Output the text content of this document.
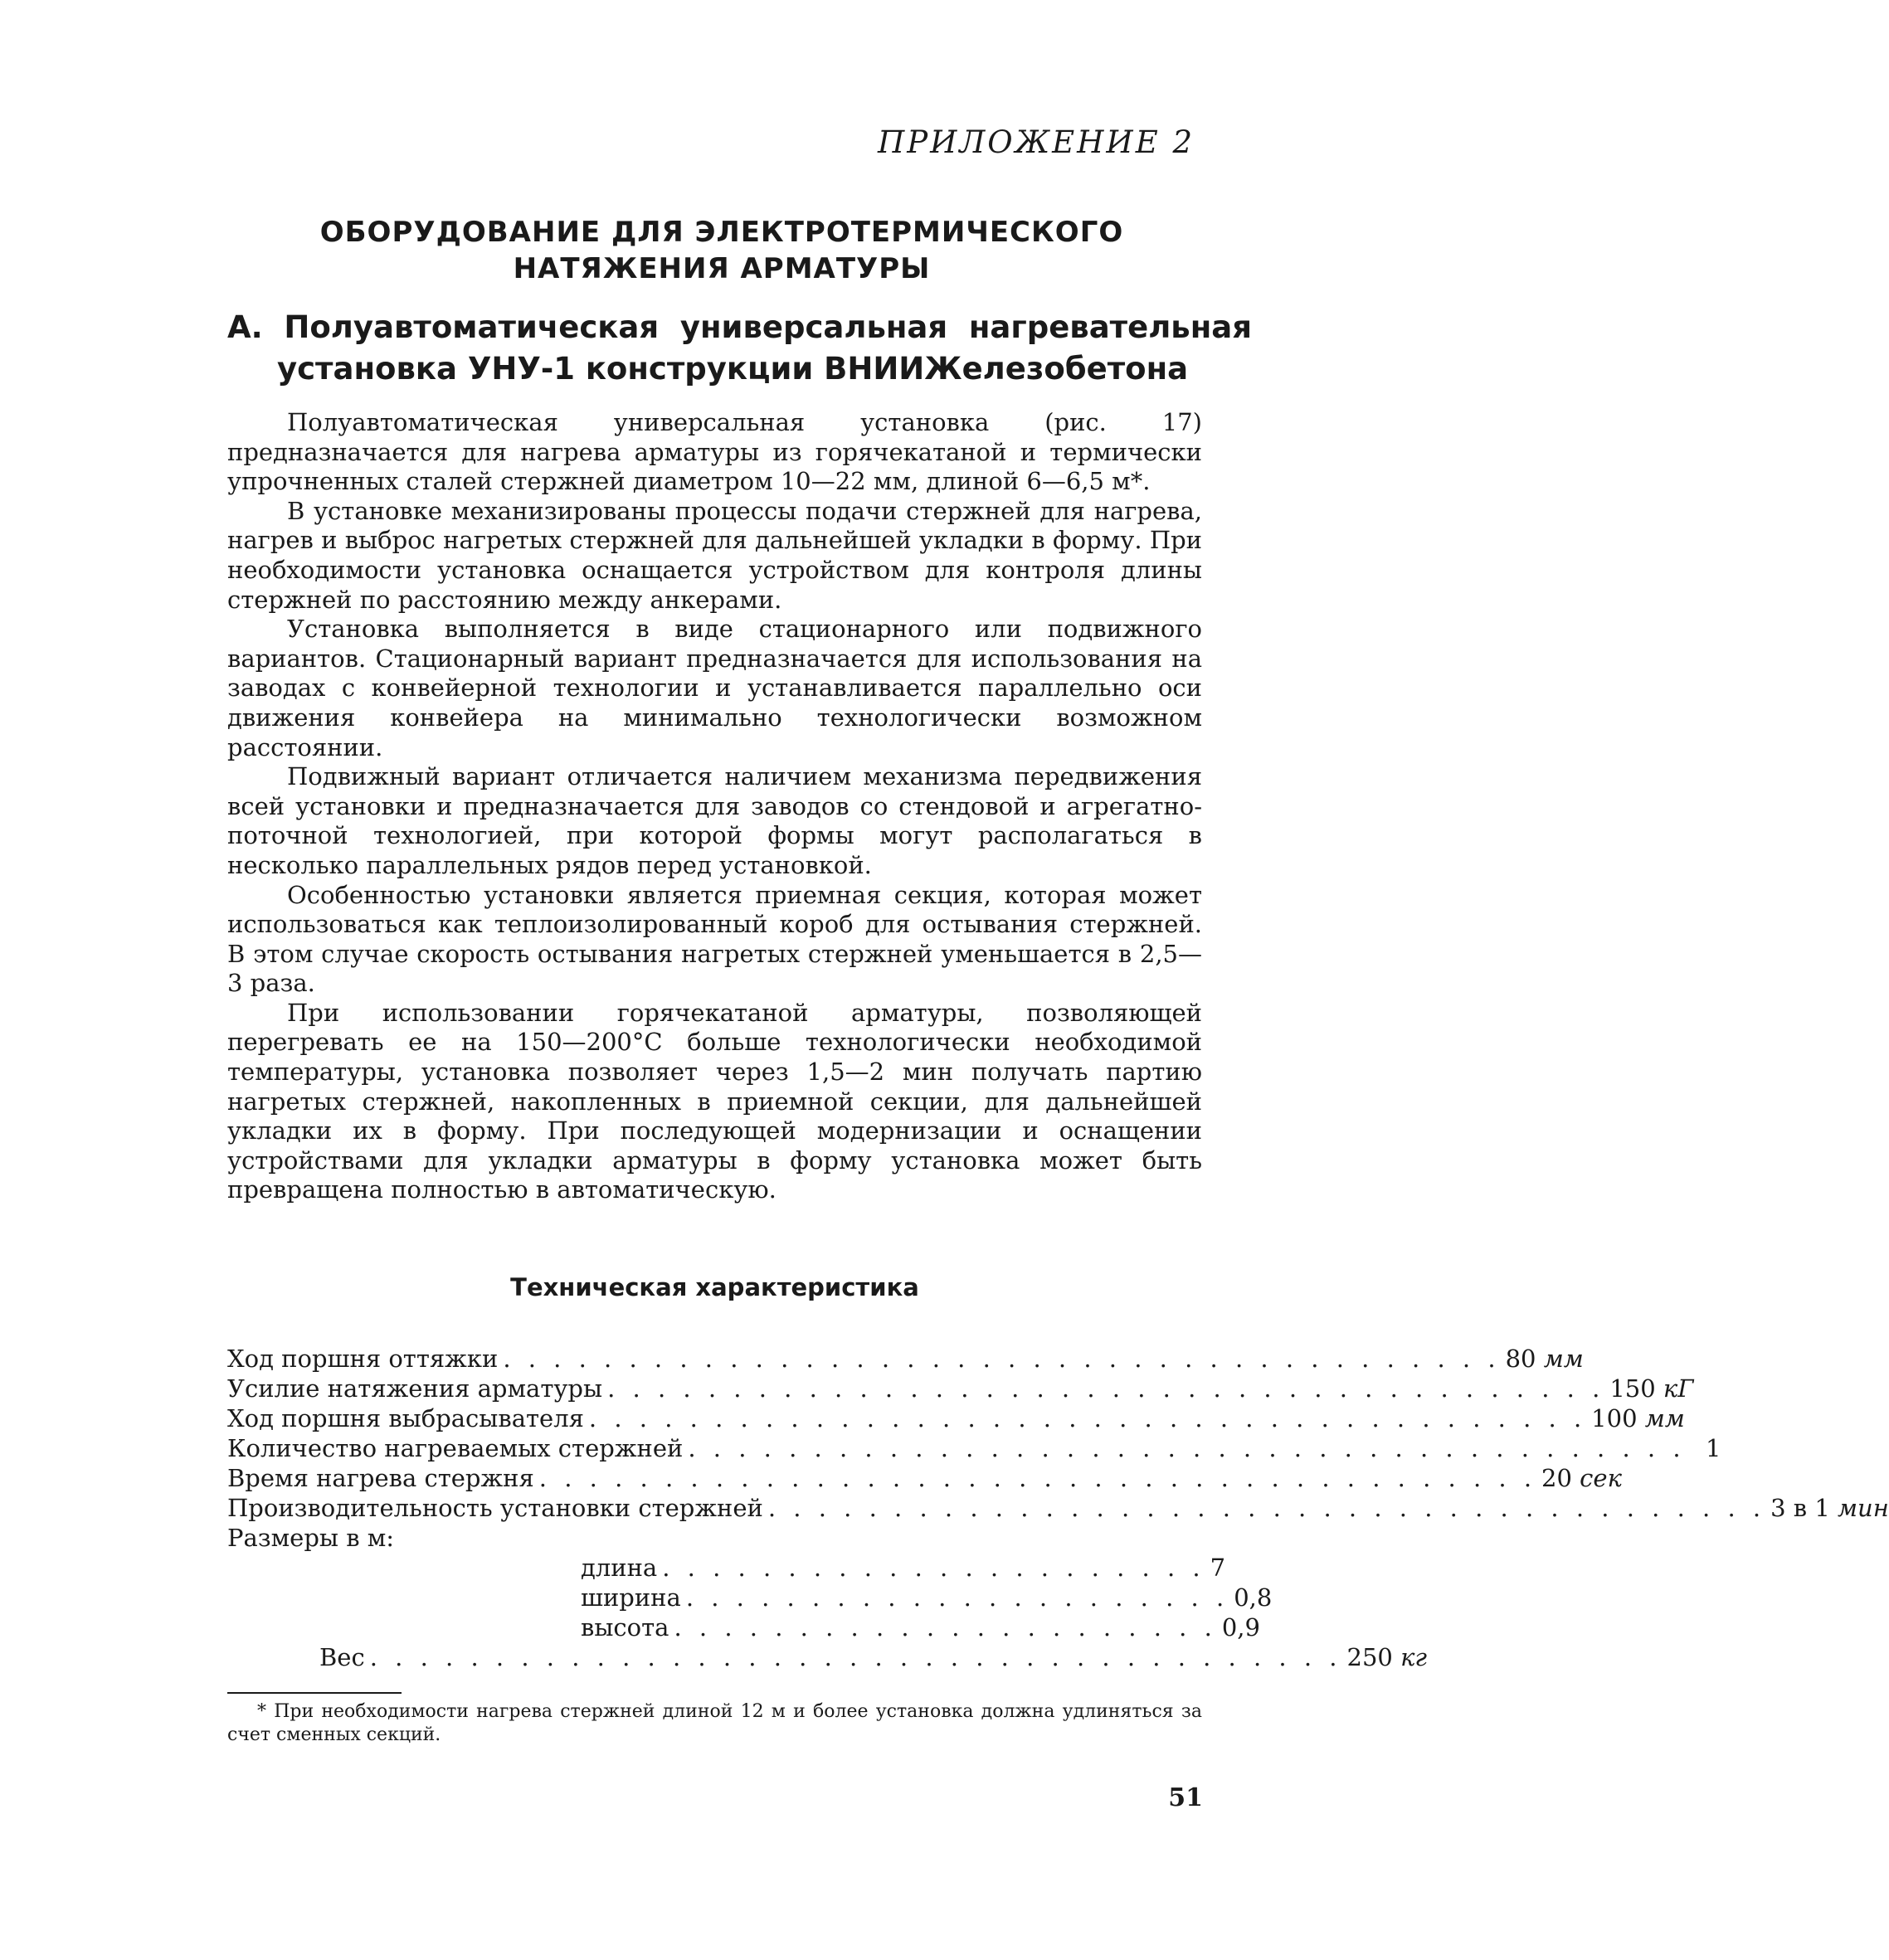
ПРИЛОЖЕНИЕ 2
ОБОРУДОВАНИЕ ДЛЯ ЭЛЕКТРОТЕРМИЧЕСКОГО НАТЯЖЕНИЯ АРМАТУРЫ
А. Полуавтоматическая универсальная нагревательная установка УНУ-1 конструкции ВНИИЖелезобетона

Полуавтоматическая универсальная установка (рис. 17) предназначается для нагрева арматуры из горячекатаной и термически упрочненных сталей стержней диаметром 10—22 мм, длиной 6—6,5 м*.

В установке механизированы процессы подачи стержней для нагрева, нагрев и выброс нагретых стержней для дальнейшей укладки в форму. При необходимости установка оснащается устройством для контроля длины стержней по расстоянию между анкерами.

Установка выполняется в виде стационарного или подвижного вариантов. Стационарный вариант предназначается для использования на заводах с конвейерной технологии и устанавливается параллельно оси движения конвейера на минимально технологически возможном расстоянии.

Подвижный вариант отличается наличием механизма передвижения всей установки и предназначается для заводов со стендовой и агрегатно-поточной технологией, при которой формы могут располагаться в несколько параллельных рядов перед установкой.

Особенностью установки является приемная секция, которая может использоваться как теплоизолированный короб для остывания стержней. В этом случае скорость остывания нагретых стержней уменьшается в 2,5—3 раза.

При использовании горячекатаной арматуры, позволяющей перегревать ее на 150—200°С больше технологически необходимой температуры, установка позволяет через 1,5—2 мин получать партию нагретых стержней, накопленных в приемной секции, для дальнейшей укладки их в форму. При последующей модернизации и оснащении устройствами для укладки арматуры в форму установка может быть превращена полностью в автоматическую.

Техническая характеристика
Ход поршня оттяжки . . . . . . . . . . . . . . . . . . . . . . . . . . . . . . . . . . . . . . . . 80 мм
Усилие натяжения арматуры . . . . . . . . . . . . . . . . . . . . . . . . . . . . . . . . . . . . . . . . 150 кГ
Ход поршня выбрасывателя . . . . . . . . . . . . . . . . . . . . . . . . . . . . . . . . . . . . . . . . 100 мм
Количество нагреваемых стержней . . . . . . . . . . . . . . . . . . . . . . . . . . . . . . . . . . . . . . . . 1
Время нагрева стержня . . . . . . . . . . . . . . . . . . . . . . . . . . . . . . . . . . . . . . . . 20 сек
Производительность установки стержней . . . . . . . . . . . . . . . . . . . . . . . . . . . . . . . . . . . . . . . . 3 в 1 мин
Размеры в м:
длина . . . . . . . . . . . . . . . . . . . . . . 7
ширина . . . . . . . . . . . . . . . . . . . . . . 0,8
высота . . . . . . . . . . . . . . . . . . . . . . 0,9
Вес . . . . . . . . . . . . . . . . . . . . . . . . . . . . . . . . . . . . . . . 250 кг
* При необходимости нагрева стержней длиной 12 м и более установка должна удлиняться за счет сменных секций.
51
